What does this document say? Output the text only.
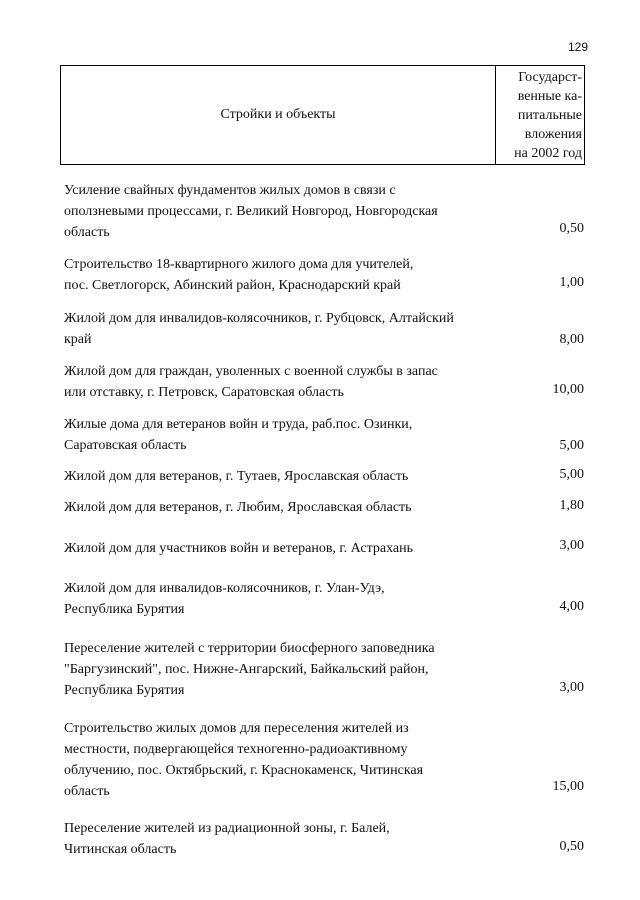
129
Стройки и объекты
Государст-
венные ка-
питальные
вложения
на 2002 год
Усиление свайных фундаментов жилых домов в связи с
оползневыми процессами, г. Великий Новгород, Новгородская
область	0,50
Строительство 18-квартирного жилого дома для учителей,
пос. Светлогорск, Абинский район, Краснодарский край	1,00
Жилой дом для инвалидов-колясочников, г. Рубцовск, Алтайский
край	8,00
Жилой дом для граждан, уволенных с военной службы в запас
или отставку, г. Петровск, Саратовская область	10,00
Жилые дома для ветеранов войн и труда, раб.пос. Озинки,
Саратовская область	5,00
Жилой дом для ветеранов, г. Тутаев, Ярославская область	5,00
Жилой дом для ветеранов, г. Любим, Ярославская область	1,80
Жилой дом для участников войн и ветеранов, г. Астрахань	3,00
Жилой дом для инвалидов-колясочников, г. Улан-Удэ,
Республика Бурятия	4,00
Переселение жителей с территории биосферного заповедника
"Баргузинский", пос. Нижне-Ангарский, Байкальский район,
Республика Бурятия	3,00
Строительство жилых домов для переселения жителей из
местности, подвергающейся техногенно-радиоактивному
облучению, пос. Октябрьский, г. Краснокаменск, Читинская
область	15,00
Переселение жителей из радиационной зоны, г. Балей,
Читинская область	0,50
